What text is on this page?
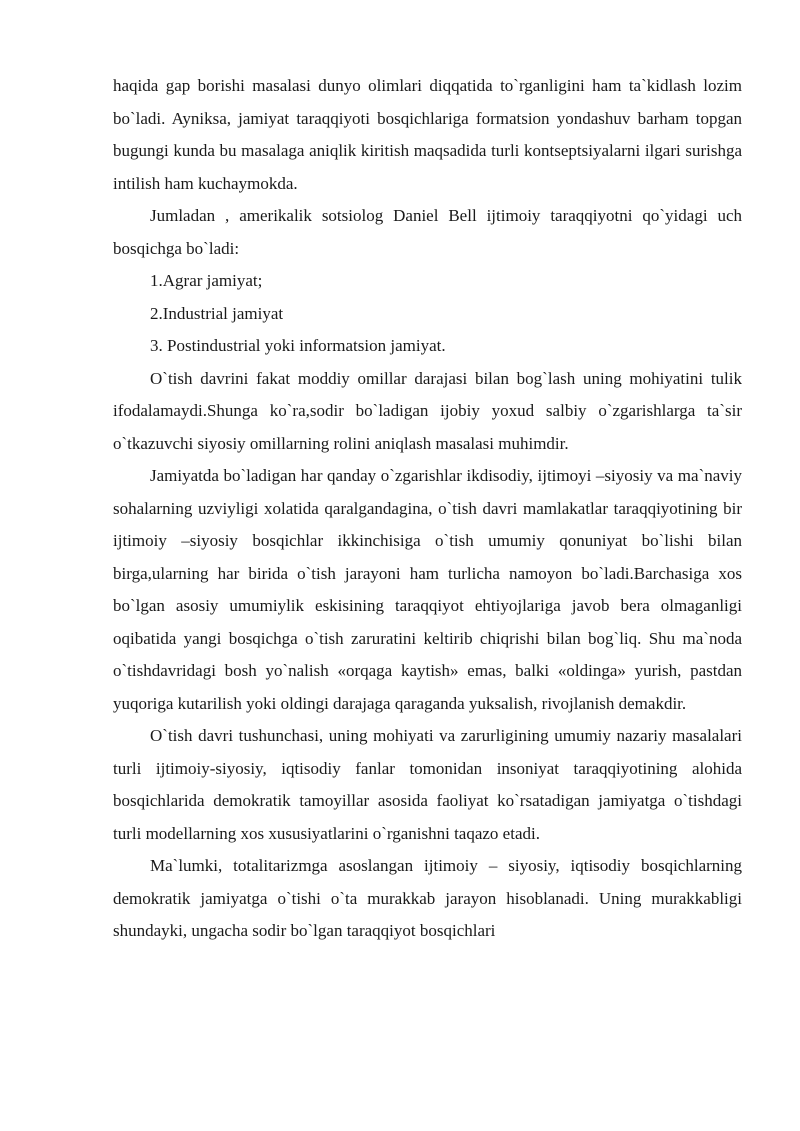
haqida gap borishi masalasi dunyo olimlari diqqatida to`rganligini ham ta`kidlash lozim bo`ladi. Ayniksa, jamiyat taraqqiyoti bosqichlariga formatsion yondashuv barham topgan bugungi kunda bu masalaga aniqlik kiritish maqsadida turli kontseptsiyalarni ilgari surishga intilish ham kuchaymokda.

Jumladan , amerikalik sotsiolog Daniel Bell ijtimoiy taraqqiyotni qo`yidagi uch bosqichga bo`ladi:

1.Agrar jamiyat;

2.Industrial jamiyat

3. Postindustrial yoki informatsion jamiyat.

O`tish davrini fakat moddiy omillar darajasi bilan bog`lash uning mohiyatini tulik ifodalamaydi.Shunga ko`ra,sodir bo`ladigan ijobiy yoxud salbiy o`zgarishlarga ta`sir o`tkazuvchi siyosiy omillarning rolini aniqlash masalasi muhimdir.

Jamiyatda bo`ladigan har qanday o`zgarishlar ikdisodiy, ijtimoyi –siyosiy va ma`naviy sohalarning uzviyligi xolatida qaralgandagina, o`tish davri mamlakatlar taraqqiyotining bir ijtimoiy –siyosiy bosqichlar ikkinchisiga o`tish umumiy qonuniyat bo`lishi bilan birga,ularning har birida o`tish jarayoni ham turlicha namoyon bo`ladi.Barchasiga xos bo`lgan asosiy umumiylik eskisining taraqqiyot ehtiyojlariga javob bera olmaganligi oqibatida yangi bosqichga o`tish zaruratini keltirib chiqrishi bilan bog`liq. Shu ma`noda o`tishdavridagi bosh yo`nalish «orqaga kaytish» emas, balki «oldinga» yurish, pastdan yuqoriga kutarilish yoki oldingi darajaga qaraganda yuksalish, rivojlanish demakdir.

O`tish davri tushunchasi, uning mohiyati va zarurligining umumiy nazariy masalalari turli ijtimoiy-siyosiy, iqtisodiy fanlar tomonidan insoniyat taraqqiyotining alohida bosqichlarida demokratik tamoyillar asosida faoliyat ko`rsatadigan jamiyatga o`tishdagi turli modellarning xos xususiyatlarini o`rganishni taqazo etadi.

Ma`lumki, totalitarizmga asoslangan ijtimoiy – siyosiy, iqtisodiy bosqichlarning demokratik jamiyatga o`tishi o`ta murakkab jarayon hisoblanadi. Uning murakkabligi shundayki, ungacha sodir bo`lgan taraqqiyot bosqichlari
